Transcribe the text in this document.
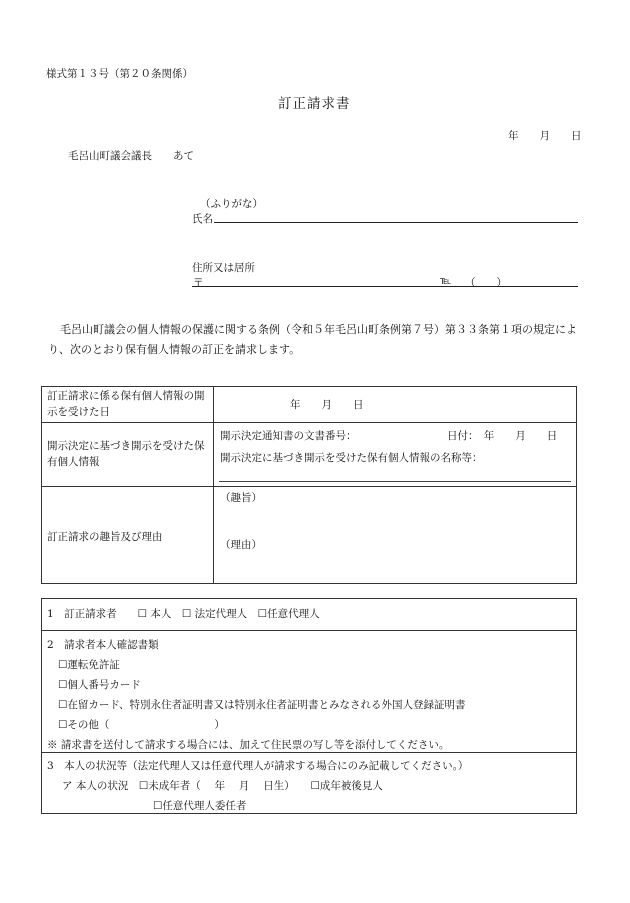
様式第１３号（第２０条関係）
訂正請求書
年　　月　　日
毛呂山町議会議長　　あて
（ふりがな）
氏名
住所又は居所
〒	℡ （　　）
毛呂山町議会の個人情報の保護に関する条例（令和５年毛呂山町条例第７号）第３３条第１項の規定により、次のとおり保有個人情報の訂正を請求します。
訂正請求に係る保有個人情報の開示を受けた日
年　　月　　日
開示決定に基づき開示を受けた保有個人情報
開示決定通知書の文書番号：	日付：　年　　月　　日
開示決定に基づき開示を受けた保有個人情報の名称等：
訂正請求の趣旨及び理由
（趣旨）
（理由）
1　訂正請求者　　☐ 本人　☐ 法定代理人　☐任意代理人
2　請求者本人確認書類
☐運転免許証
☐個人番号カード
☐在留カード、特別永住者証明書又は特別永住者証明書とみなされる外国人登録証明書
☐その他（　　　　　　　　　　）
※ 請求書を送付して請求する場合には、加えて住民票の写し等を添付してください。
3　本人の状況等（法定代理人又は任意代理人が請求する場合にのみ記載してください。）
ア 本人の状況　☐未成年者（　 年　 月　 日生）　　☐成年被後見人
☐任意代理人委任者
